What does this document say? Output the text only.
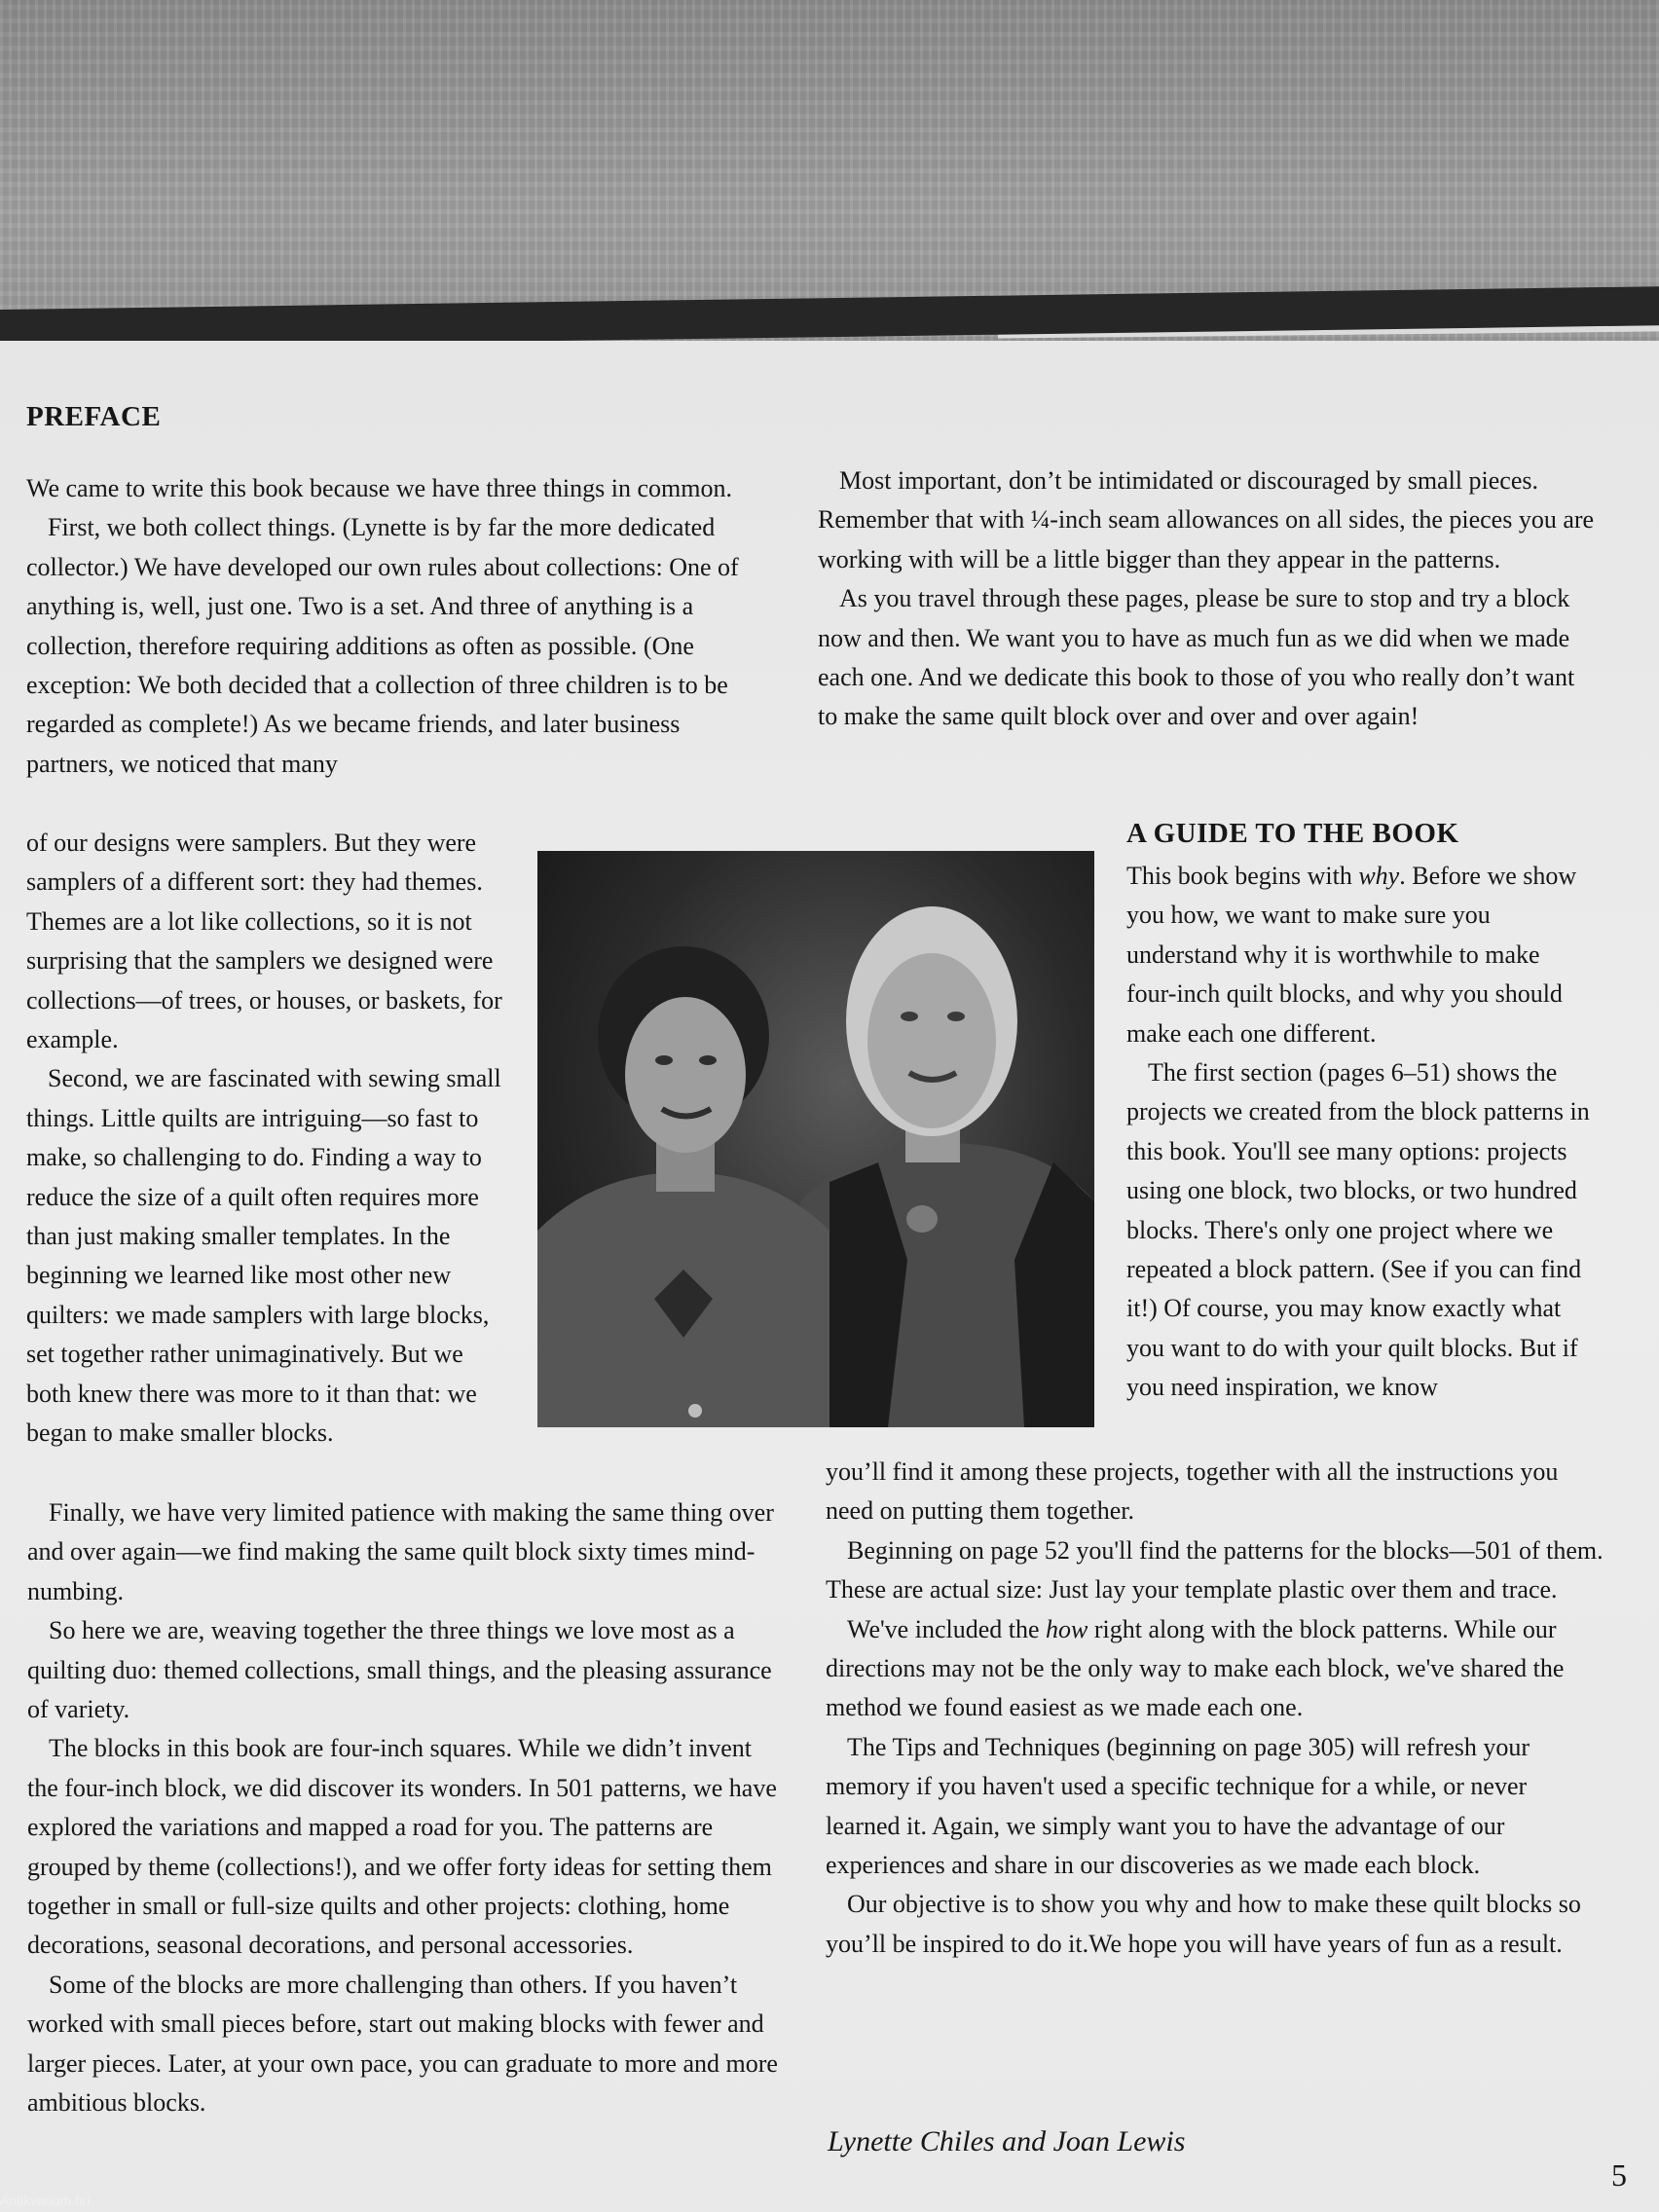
PREFACE

We came to write this book because we have three things in common.

First, we both collect things. (Lynette is by far the more dedicated collector.) We have developed our own rules about collections: One of anything is, well, just one. Two is a set. And three of anything is a collection, therefore requiring additions as often as possible. (One exception: We both decided that a collection of three children is to be regarded as complete!) As we became friends, and later business partners, we noticed that many

of our designs were samplers. But they were samplers of a different sort: they had themes. Themes are a lot like collections, so it is not surprising that the samplers we designed were collections—of trees, or houses, or baskets, for example.

Second, we are fascinated with sewing small things. Little quilts are intriguing—so fast to make, so challenging to do. Finding a way to reduce the size of a quilt often requires more than just making smaller templates. In the beginning we learned like most other new quilters: we made samplers with large blocks, set together rather unimaginatively. But we both knew there was more to it than that: we began to make smaller blocks.

Finally, we have very limited patience with making the same thing over and over again—we find making the same quilt block sixty times mind-numbing.

So here we are, weaving together the three things we love most as a quilting duo: themed collections, small things, and the pleasing assurance of variety.

The blocks in this book are four-inch squares. While we didn’t invent the four-inch block, we did discover its wonders. In 501 patterns, we have explored the variations and mapped a road for you. The patterns are grouped by theme (collections!), and we offer forty ideas for setting them together in small or full-size quilts and other projects: clothing, home decorations, seasonal decorations, and personal accessories.

Some of the blocks are more challenging than others. If you haven’t worked with small pieces before, start out making blocks with fewer and larger pieces. Later, at your own pace, you can graduate to more and more ambitious blocks.

Most important, don’t be intimidated or discouraged by small pieces. Remember that with ¼-inch seam allowances on all sides, the pieces you are working with will be a little bigger than they appear in the patterns.

As you travel through these pages, please be sure to stop and try a block now and then. We want you to have as much fun as we did when we made each one. And we dedicate this book to those of you who really don’t want to make the same quilt block over and over and over again!

A GUIDE TO THE BOOK

This book begins with why. Before we show you how, we want to make sure you understand why it is worthwhile to make four-inch quilt blocks, and why you should make each one different.

The first section (pages 6–51) shows the projects we created from the block patterns in this book. You'll see many options: projects using one block, two blocks, or two hundred blocks. There's only one project where we repeated a block pattern. (See if you can find it!) Of course, you may know exactly what you want to do with your quilt blocks. But if you need inspiration, we know

you’ll find it among these projects, together with all the instructions you need on putting them together.

Beginning on page 52 you'll find the patterns for the blocks—501 of them. These are actual size: Just lay your template plastic over them and trace.

We've included the how right along with the block patterns. While our directions may not be the only way to make each block, we've shared the method we found easiest as we made each one.

The Tips and Techniques (beginning on page 305) will refresh your memory if you haven't used a specific technique for a while, or never learned it. Again, we simply want you to have the advantage of our experiences and share in our discoveries as we made each block.

Our objective is to show you why and how to make these quilt blocks so you’ll be inspired to do it.We hope you will have years of fun as a result.

Lynette Chiles and Joan Lewis
5
Antikvarium.hu
